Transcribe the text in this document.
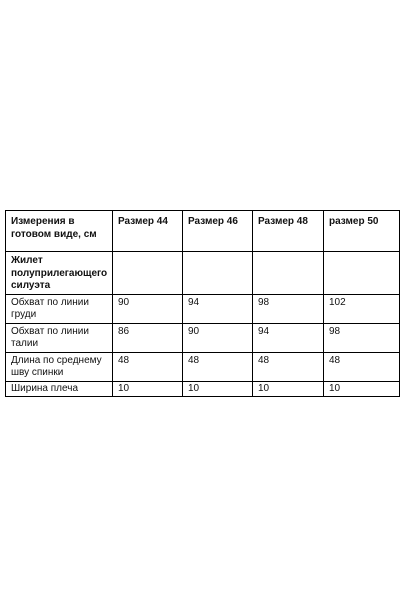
Измерения в готовом виде, см	Размер 44	Размер 46	Размер 48	размер 50
Жилет полуприлегающего силуэта				
Обхват по линии груди	90	94	98	102
Обхват по линии талии	86	90	94	98
Длина по среднему шву спинки	48	48	48	48
Ширина плеча	10	10	10	10
